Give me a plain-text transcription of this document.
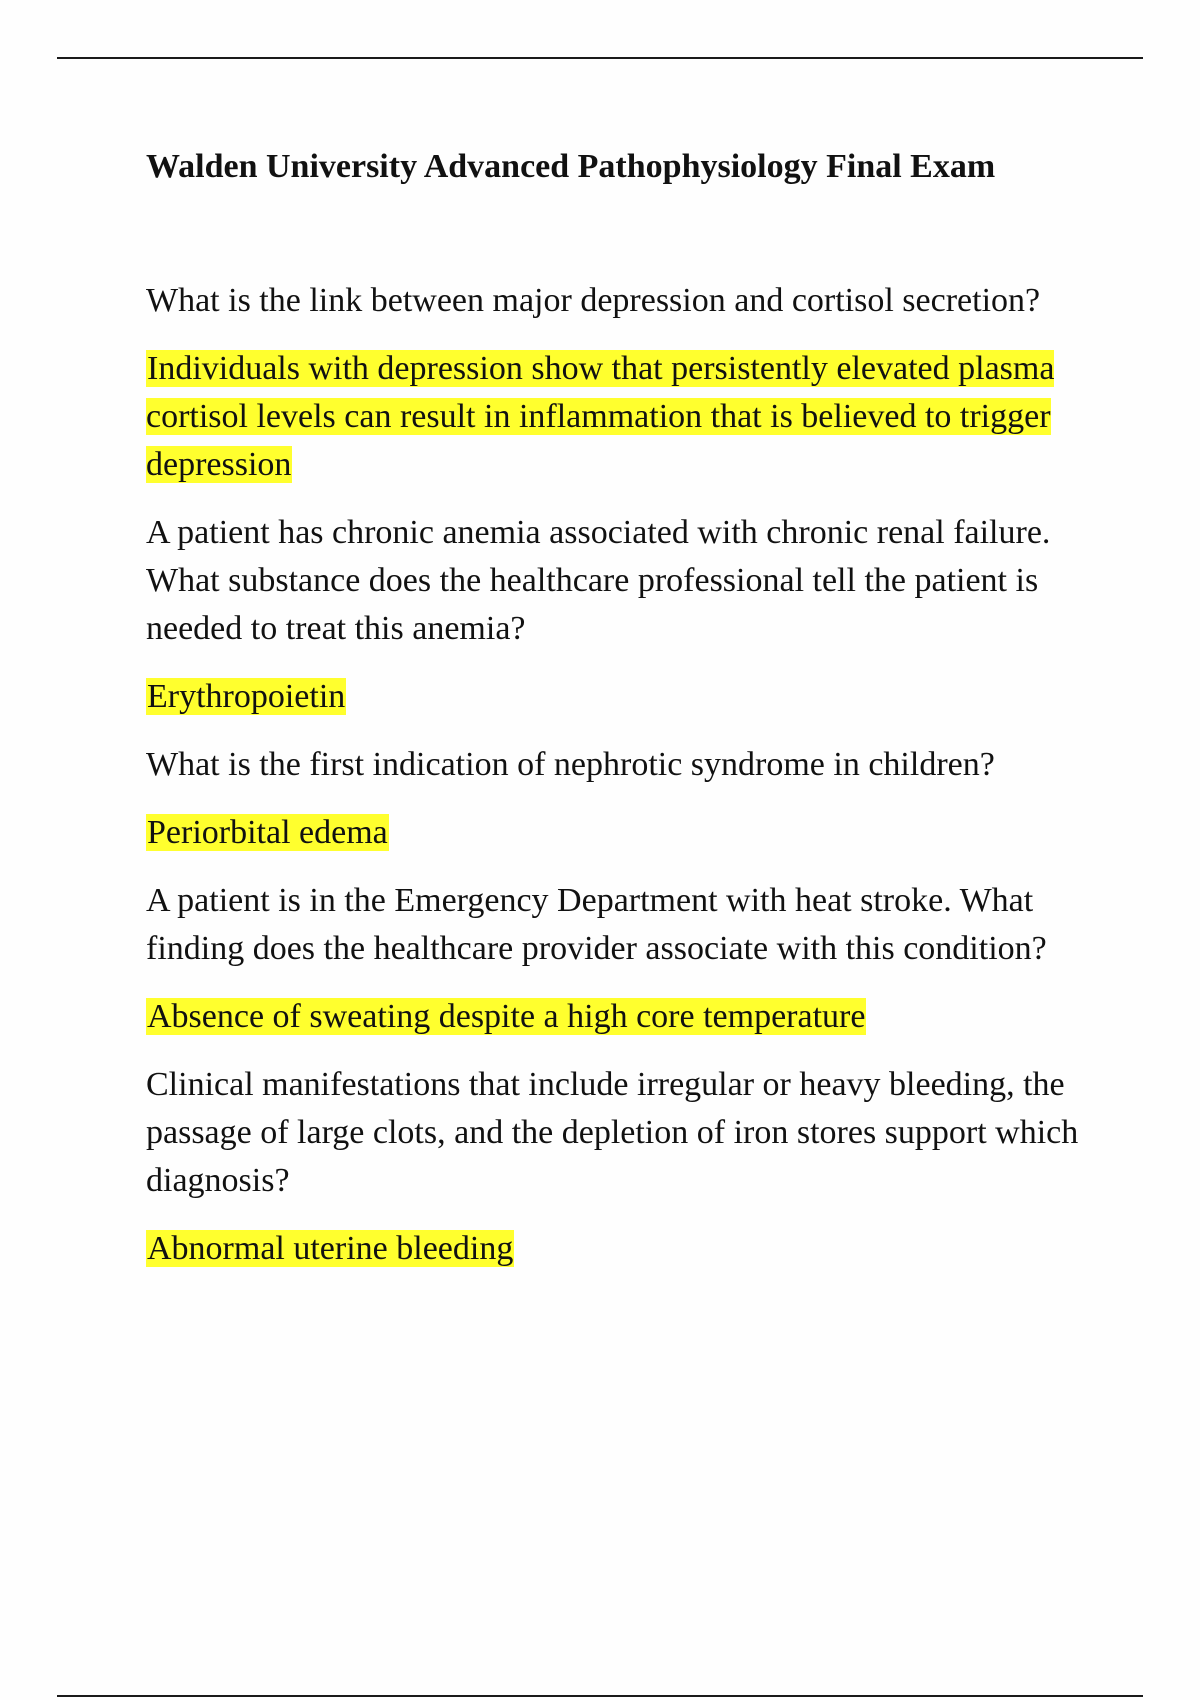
Walden University Advanced Pathophysiology Final Exam
What is the link between major depression and cortisol secretion?
Individuals with depression show that persistently elevated plasma cortisol levels can result in inflammation that is believed to trigger depression
A patient has chronic anemia associated with chronic renal failure. What substance does the healthcare professional tell the patient is needed to treat this anemia?
Erythropoietin
What is the first indication of nephrotic syndrome in children?
Periorbital edema
A patient is in the Emergency Department with heat stroke. What finding does the healthcare provider associate with this condition?
Absence of sweating despite a high core temperature
Clinical manifestations that include irregular or heavy bleeding, the
passage of large clots, and the depletion of iron stores support which diagnosis?
Abnormal uterine bleeding
